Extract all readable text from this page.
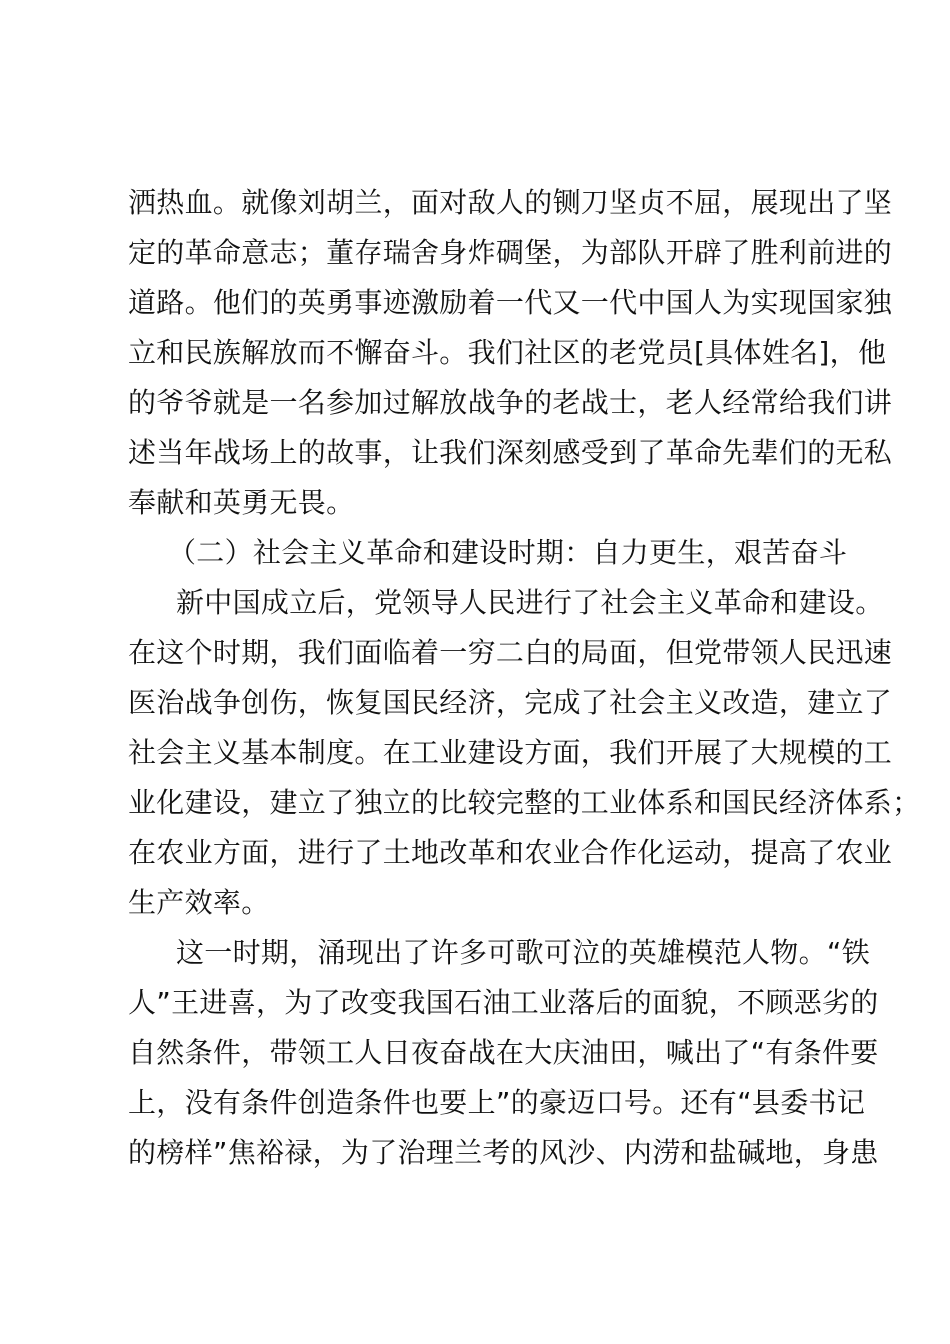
洒热血。就像刘胡兰，面对敌人的铡刀坚贞不屈，展现出了坚
定的革命意志；董存瑞舍身炸碉堡，为部队开辟了胜利前进的
道路。他们的英勇事迹激励着一代又一代中国人为实现国家独
立和民族解放而不懈奋斗。我们社区的老党员[具体姓名]，他
的爷爷就是一名参加过解放战争的老战士，老人经常给我们讲
述当年战场上的故事，让我们深刻感受到了革命先辈们的无私
奉献和英勇无畏。
（二）社会主义革命和建设时期：自力更生，艰苦奋斗
新中国成立后，党领导人民进行了社会主义革命和建设。
在这个时期，我们面临着一穷二白的局面，但党带领人民迅速
医治战争创伤，恢复国民经济，完成了社会主义改造，建立了
社会主义基本制度。在工业建设方面，我们开展了大规模的工
业化建设，建立了独立的比较完整的工业体系和国民经济体系；
在农业方面，进行了土地改革和农业合作化运动，提高了农业
生产效率。
这一时期，涌现出了许多可歌可泣的英雄模范人物。“铁
人”王进喜，为了改变我国石油工业落后的面貌，不顾恶劣的
自然条件，带领工人日夜奋战在大庆油田，喊出了“有条件要
上，没有条件创造条件也要上”的豪迈口号。还有“县委书记
的榜样”焦裕禄，为了治理兰考的风沙、内涝和盐碱地，身患
